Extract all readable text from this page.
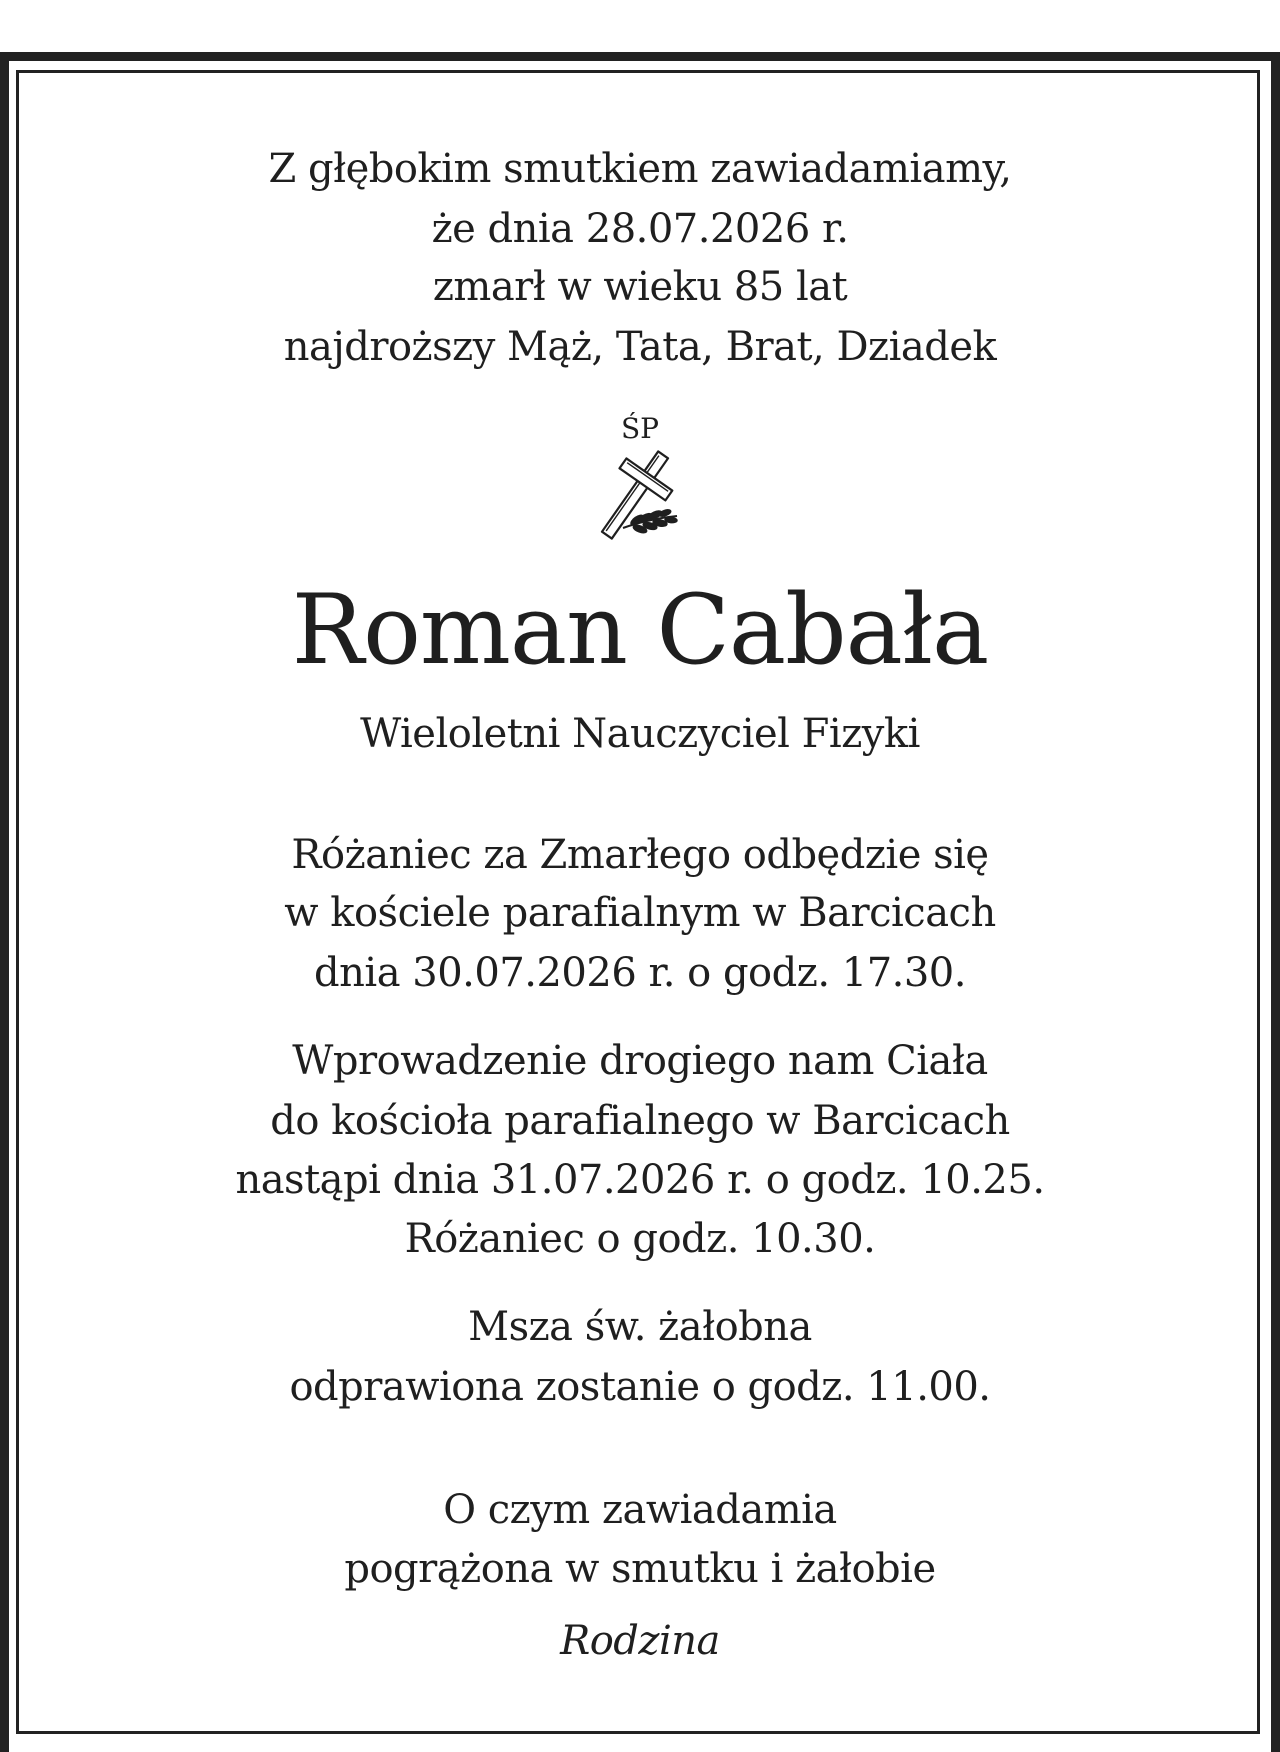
Z głębokim smutkiem zawiadamiamy,
że dnia 28.07.2026 r.
zmarł w wieku 85 lat
najdroższy Mąż, Tata, Brat, Dziadek
ŚP
Roman Cabała
Wieloletni Nauczyciel Fizyki
Różaniec za Zmarłego odbędzie się
w kościele parafialnym w Barcicach
dnia 30.07.2026 r. o godz. 17.30.
Wprowadzenie drogiego nam Ciała
do kościoła parafialnego w Barcicach
nastąpi dnia 31.07.2026 r. o godz. 10.25.
Różaniec o godz. 10.30.
Msza św. żałobna
odprawiona zostanie o godz. 11.00.
O czym zawiadamia
pogrążona w smutku i żałobie
Rodzina
